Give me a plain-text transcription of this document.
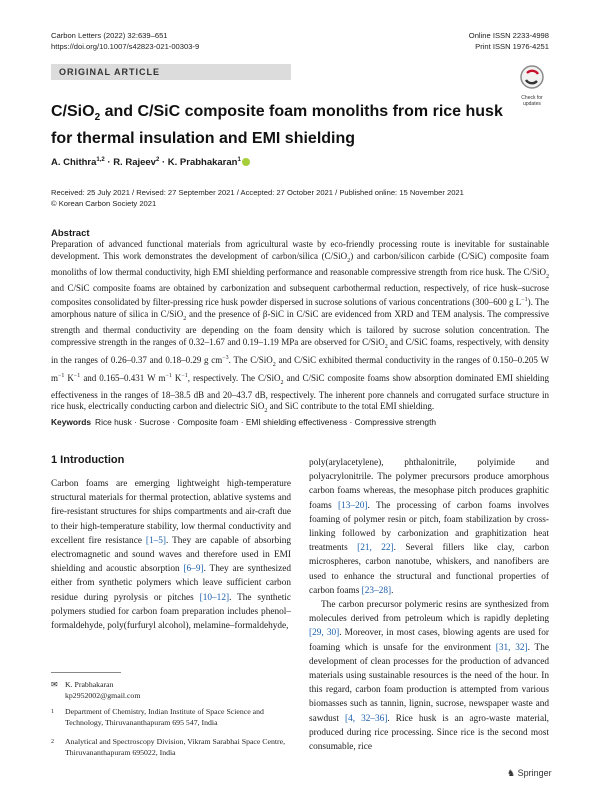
Carbon Letters (2022) 32:639–651
https://doi.org/10.1007/s42823-021-00303-9
Online ISSN 2233-4998
Print ISSN 1976-4251
ORIGINAL ARTICLE
Check for
updates
C/SiO$_2$ and C/SiC composite foam monoliths from rice husk for thermal insulation and EMI shielding
A. Chithra$^{1,2}$ · R. Rajeev$^2$ · K. Prabhakaran$^1$
Received: 25 July 2021 / Revised: 27 September 2021 / Accepted: 27 October 2021 / Published online: 15 November 2021
© Korean Carbon Society 2021
Abstract
Preparation of advanced functional materials from agricultural waste by eco-friendly processing route is inevitable for sustainable development. This work demonstrates the development of carbon/silica (C/SiO$_2$) and carbon/silicon carbide (C/SiC) composite foam monoliths of low thermal conductivity, high EMI shielding performance and reasonable compressive strength from rice husk. The C/SiO$_2$ and C/SiC composite foams are obtained by carbonization and subsequent carbothermal reduction, respectively, of rice husk–sucrose composites consolidated by filter-pressing rice husk powder dispersed in sucrose solutions of various concentrations (300–600 g $L^{-1}$). The amorphous nature of silica in C/SiO$_2$ and the presence of β-SiC in C/SiC are evidenced from XRD and TEM analysis. The compressive strength and thermal conductivity are depending on the foam density which is tailored by sucrose solution concentration. The compressive strength in the ranges of 0.32–1.67 and 0.19–1.19 MPa are observed for C/SiO$_2$ and C/SiC foams, respectively, with density in the ranges of 0.26–0.37 and 0.18–0.29 g $cm^{-3}$. The C/SiO$_2$ and C/SiC exhibited thermal conductivity in the ranges of 0.150–0.205 W $m^{-1}$ $K^{-1}$ and 0.165–0.431 W $m^{-1}$ $K^{-1}$, respectively. The C/SiO$_2$ and C/SiC composite foams show absorption dominated EMI shielding effectiveness in the ranges of 18–38.5 dB and 20–43.7 dB, respectively. The inherent pore channels and corrugated surface structure in rice husk, electrically conducting carbon and dielectric SiO$_2$ and SiC contribute to the total EMI shielding.
Keywords Rice husk · Sucrose · Composite foam · EMI shielding effectiveness · Compressive strength
1 Introduction

Carbon foams are emerging lightweight high-temperature structural materials for thermal protection, ablative systems and fire-resistant structures for ships compartments and air-craft due to their high-temperature stability, low thermal conductivity and excellent fire resistance [1–5]. They are capable of absorbing electromagnetic and sound waves and therefore used in EMI shielding and acoustic absorption [6–9]. They are synthesized either from synthetic polymers which leave sufficient carbon residue during pyrolysis or pitches [10–12]. The synthetic polymers studied for carbon foam preparation includes phenol–formaldehyde, poly(furfuryl alcohol), melamine–formaldehyde,

✉ K. Prabhakaran
kp2952002@gmail.com
1 Department of Chemistry, Indian Institute of Space Science and Technology, Thiruvananthapuram 695 547, India
2 Analytical and Spectroscopy Division, Vikram Sarabhai Space Centre, Thiruvananthapuram 695022, India

poly(arylacetylene), phthalonitrile, polyimide and polyacrylonitrile. The polymer precursors produce amorphous carbon foams whereas, the mesophase pitch produces graphitic foams [13–20]. The processing of carbon foams involves foaming of polymer resin or pitch, foam stabilization by cross-linking followed by carbonization and graphitization heat treatments [21, 22]. Several fillers like clay, carbon microspheres, carbon nanotube, whiskers, and nanofibers are used to enhance the structural and functional properties of carbon foams [23–28].

The carbon precursor polymeric resins are synthesized from molecules derived from petroleum which is rapidly depleting [29, 30]. Moreover, in most cases, blowing agents are used for foaming which is unsafe for the environment [31, 32]. The development of clean processes for the production of advanced materials using sustainable resources is the need of the hour. In this regard, carbon foam production is attempted from various biomasses such as tannin, lignin, sucrose, newspaper waste and sawdust [4, 32–36]. Rice husk is an agro-waste material, produced during rice processing. Since rice is the second most consumable, rice

♞ Springer
